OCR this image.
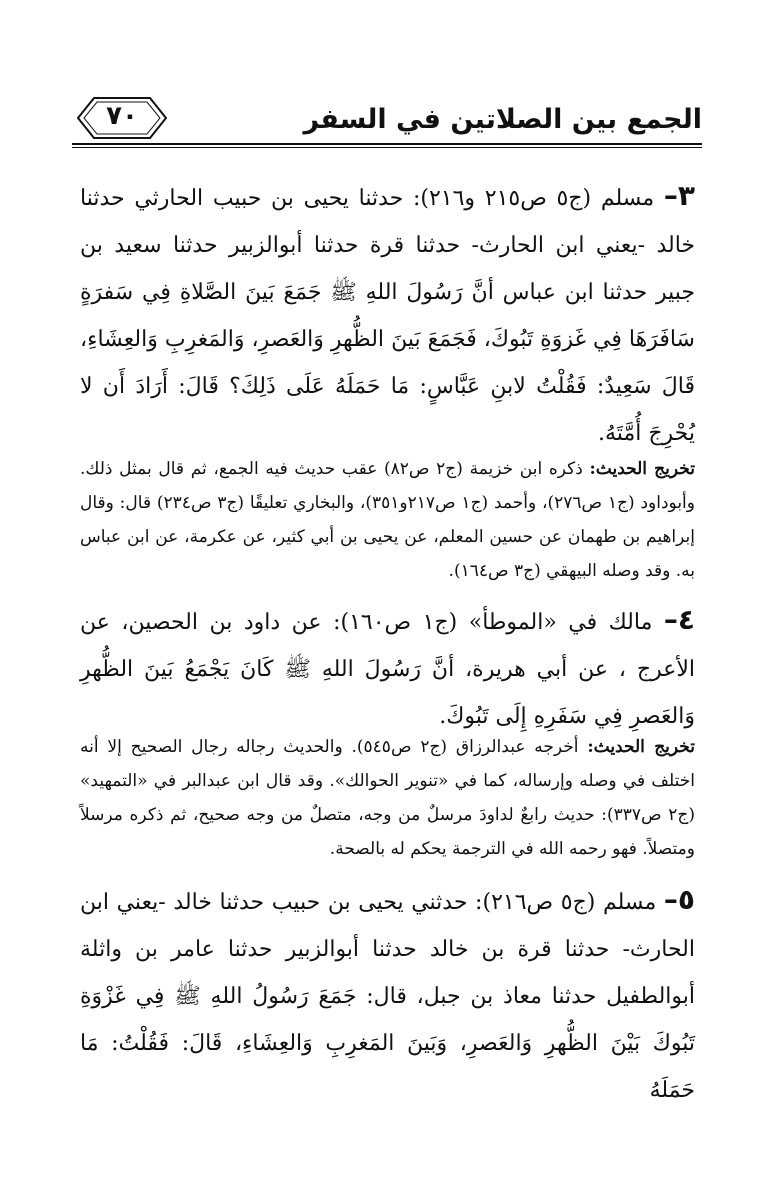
٧٠	الجمع بين الصلاتين في السفر
٣– مسلم (ج٥ ص٢١٥ و٢١٦): حدثنا يحيى بن حبيب الحارثي حدثنا خالد -يعني ابن الحارث- حدثنا قرة حدثنا أبوالزبير حدثنا سعيد بن جبير حدثنا ابن عباس أنَّ رَسُولَ اللهِ ﷺ جَمَعَ بَينَ الصَّلاةِ فِي سَفرَةٍ سَافَرَهَا فِي غَزوَةِ تَبُوكَ، فَجَمَعَ بَينَ الظُّهرِ وَالعَصرِ، وَالمَغرِبِ وَالعِشَاءِ، قَالَ سَعِيدٌ: فَقُلْتُ لابنِ عَبَّاسٍ: مَا حَمَلَهُ عَلَى ذَلِكَ؟ قَالَ: أَرَادَ أَن لا يُحْرِجَ أُمَّتَهُ.
تخريج الحديث: ذكره ابن خزيمة (ج٢ ص٨٢) عقب حديث فيه الجمع، ثم قال بمثل ذلك. وأبوداود (ج١ ص٢٧٦)، وأحمد (ج١ ص٢١٧و٣٥١)، والبخاري تعليقًا (ج٣ ص٢٣٤) قال: وقال إبراهيم بن طهمان عن حسين المعلم، عن يحيى بن أبي كثير، عن عكرمة، عن ابن عباس به. وقد وصله البيهقي (ج٣ ص١٦٤).
٤– مالك في «الموطأ» (ج١ ص١٦٠): عن داود بن الحصين، عن الأعرج ، عن أبي هريرة، أنَّ رَسُولَ اللهِ ﷺ كَانَ يَجْمَعُ بَينَ الظُّهرِ وَالعَصرِ فِي سَفَرِهِ إِلَى تَبُوكَ.
تخريج الحديث: أخرجه عبدالرزاق (ج٢ ص٥٤٥). والحديث رجاله رجال الصحيح إلا أنه اختلف في وصله وإرساله، كما في «تنوير الحوالك». وقد قال ابن عبدالبر في «التمهيد» (ج٢ ص٣٣٧): حديث رابعٌ لداودَ مرسلٌ من وجه، متصلٌ من وجه صحيح، ثم ذكره مرسلاً ومتصلاً. فهو رحمه الله في الترجمة يحكم له بالصحة.
٥– مسلم (ج٥ ص٢١٦): حدثني يحيى بن حبيب حدثنا خالد -يعني ابن الحارث- حدثنا قرة بن خالد حدثنا أبوالزبير حدثنا عامر بن واثلة أبوالطفيل حدثنا معاذ بن جبل، قال: جَمَعَ رَسُولُ اللهِ ﷺ فِي غَزْوَةِ تَبُوكَ بَيْنَ الظُّهرِ وَالعَصرِ، وَبَينَ المَغرِبِ وَالعِشَاءِ، قَالَ: فَقُلْتُ: مَا حَمَلَهُ
